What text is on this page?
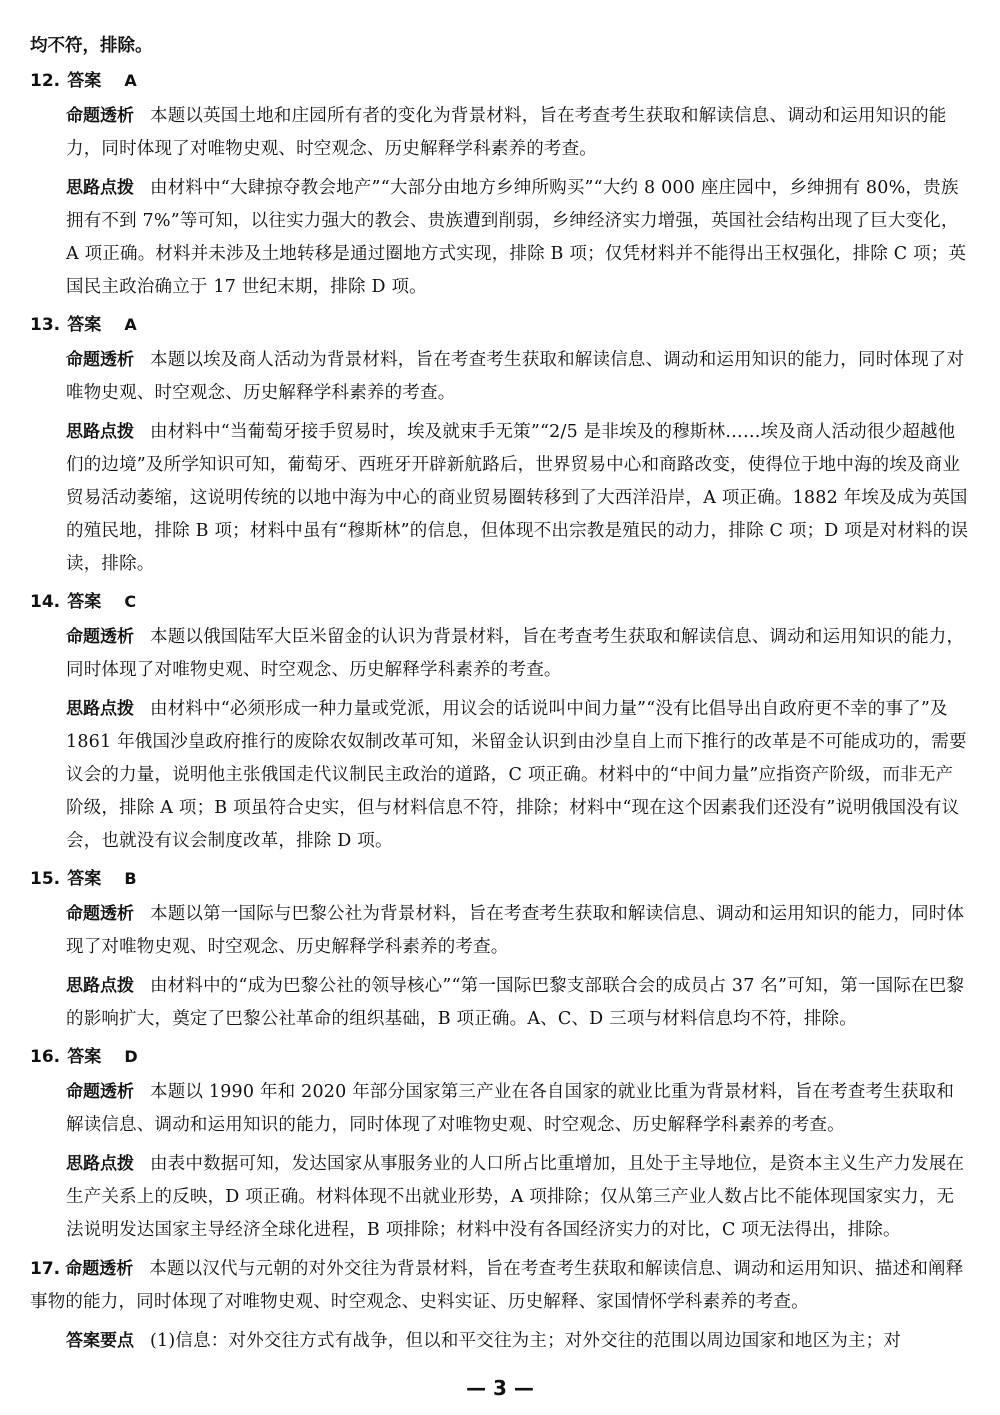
均不符，排除。
12. 答案 A
命题透析 本题以英国土地和庄园所有者的变化为背景材料，旨在考查考生获取和解读信息、调动和运用知识的能力，同时体现了对唯物史观、时空观念、历史解释学科素养的考查。
思路点拨 由材料中“大肆掠夺教会地产”“大部分由地方乡绅所购买”“大约 8 000 座庄园中，乡绅拥有 80%，贵族拥有不到 7%”等可知，以往实力强大的教会、贵族遭到削弱，乡绅经济实力增强，英国社会结构出现了巨大变化，A 项正确。材料并未涉及土地转移是通过圈地方式实现，排除 B 项；仅凭材料并不能得出王权强化，排除 C 项；英国民主政治确立于 17 世纪末期，排除 D 项。
13. 答案 A
命题透析 本题以埃及商人活动为背景材料，旨在考查考生获取和解读信息、调动和运用知识的能力，同时体现了对唯物史观、时空观念、历史解释学科素养的考查。
思路点拨 由材料中“当葡萄牙接手贸易时，埃及就束手无策”“2/5 是非埃及的穆斯林……埃及商人活动很少超越他们的边境”及所学知识可知，葡萄牙、西班牙开辟新航路后，世界贸易中心和商路改变，使得位于地中海的埃及商业贸易活动萎缩，这说明传统的以地中海为中心的商业贸易圈转移到了大西洋沿岸，A 项正确。1882 年埃及成为英国的殖民地，排除 B 项；材料中虽有“穆斯林”的信息，但体现不出宗教是殖民的动力，排除 C 项；D 项是对材料的误读，排除。
14. 答案 C
命题透析 本题以俄国陆军大臣米留金的认识为背景材料，旨在考查考生获取和解读信息、调动和运用知识的能力，同时体现了对唯物史观、时空观念、历史解释学科素养的考查。
思路点拨 由材料中“必须形成一种力量或党派，用议会的话说叫中间力量”“没有比倡导出自政府更不幸的事了”及 1861 年俄国沙皇政府推行的废除农奴制改革可知，米留金认识到由沙皇自上而下推行的改革是不可能成功的，需要议会的力量，说明他主张俄国走代议制民主政治的道路，C 项正确。材料中的“中间力量”应指资产阶级，而非无产阶级，排除 A 项；B 项虽符合史实，但与材料信息不符，排除；材料中“现在这个因素我们还没有”说明俄国没有议会，也就没有议会制度改革，排除 D 项。
15. 答案 B
命题透析 本题以第一国际与巴黎公社为背景材料，旨在考查考生获取和解读信息、调动和运用知识的能力，同时体现了对唯物史观、时空观念、历史解释学科素养的考查。
思路点拨 由材料中的“成为巴黎公社的领导核心”“第一国际巴黎支部联合会的成员占 37 名”可知，第一国际在巴黎的影响扩大，奠定了巴黎公社革命的组织基础，B 项正确。A、C、D 三项与材料信息均不符，排除。
16. 答案 D
命题透析 本题以 1990 年和 2020 年部分国家第三产业在各自国家的就业比重为背景材料，旨在考查考生获取和解读信息、调动和运用知识的能力，同时体现了对唯物史观、时空观念、历史解释学科素养的考查。
思路点拨 由表中数据可知，发达国家从事服务业的人口所占比重增加，且处于主导地位，是资本主义生产力发展在生产关系上的反映，D 项正确。材料体现不出就业形势，A 项排除；仅从第三产业人数占比不能体现国家实力，无法说明发达国家主导经济全球化进程，B 项排除；材料中没有各国经济实力的对比，C 项无法得出，排除。
17. 命题透析 本题以汉代与元朝的对外交往为背景材料，旨在考查考生获取和解读信息、调动和运用知识、描述和阐释事物的能力，同时体现了对唯物史观、时空观念、史料实证、历史解释、家国情怀学科素养的考查。
答案要点 (1)信息：对外交往方式有战争，但以和平交往为主；对外交往的范围以周边国家和地区为主；对
— 3 —
